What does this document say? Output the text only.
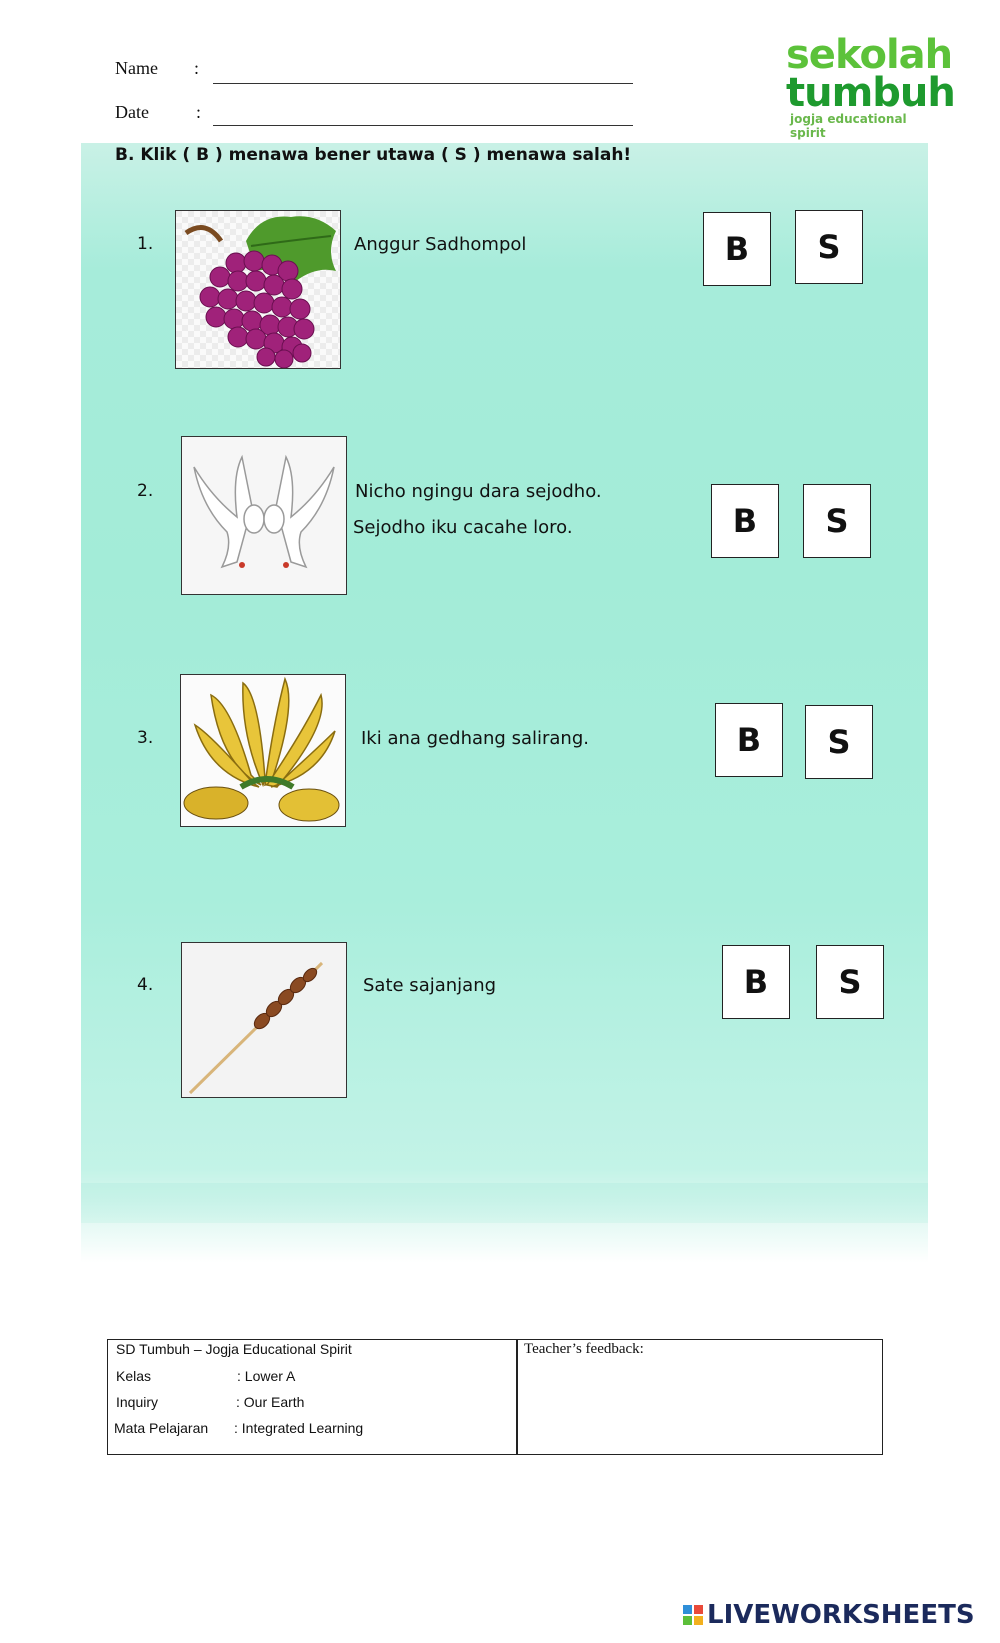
Name :
Date	:
sekolah
tumbuh
jogja educational spirit
B. Klik ( B ) menawa bener utawa ( S ) menawa salah!
1.	Anggur Sadhompol	B	S
2.	Nicho ngingu dara sejodho.
Sejodho iku cacahe loro.	B	S
3.	Iki ana gedhang salirang.	B	S
4.	Sate sajanjang	B	S
SD Tumbuh – Jogja Educational Spirit
Kelas	: Lower A
Inquiry	: Our Earth
Mata Pelajaran : Integrated Learning
Teacher’s feedback:
LIVEWORKSHEETS
